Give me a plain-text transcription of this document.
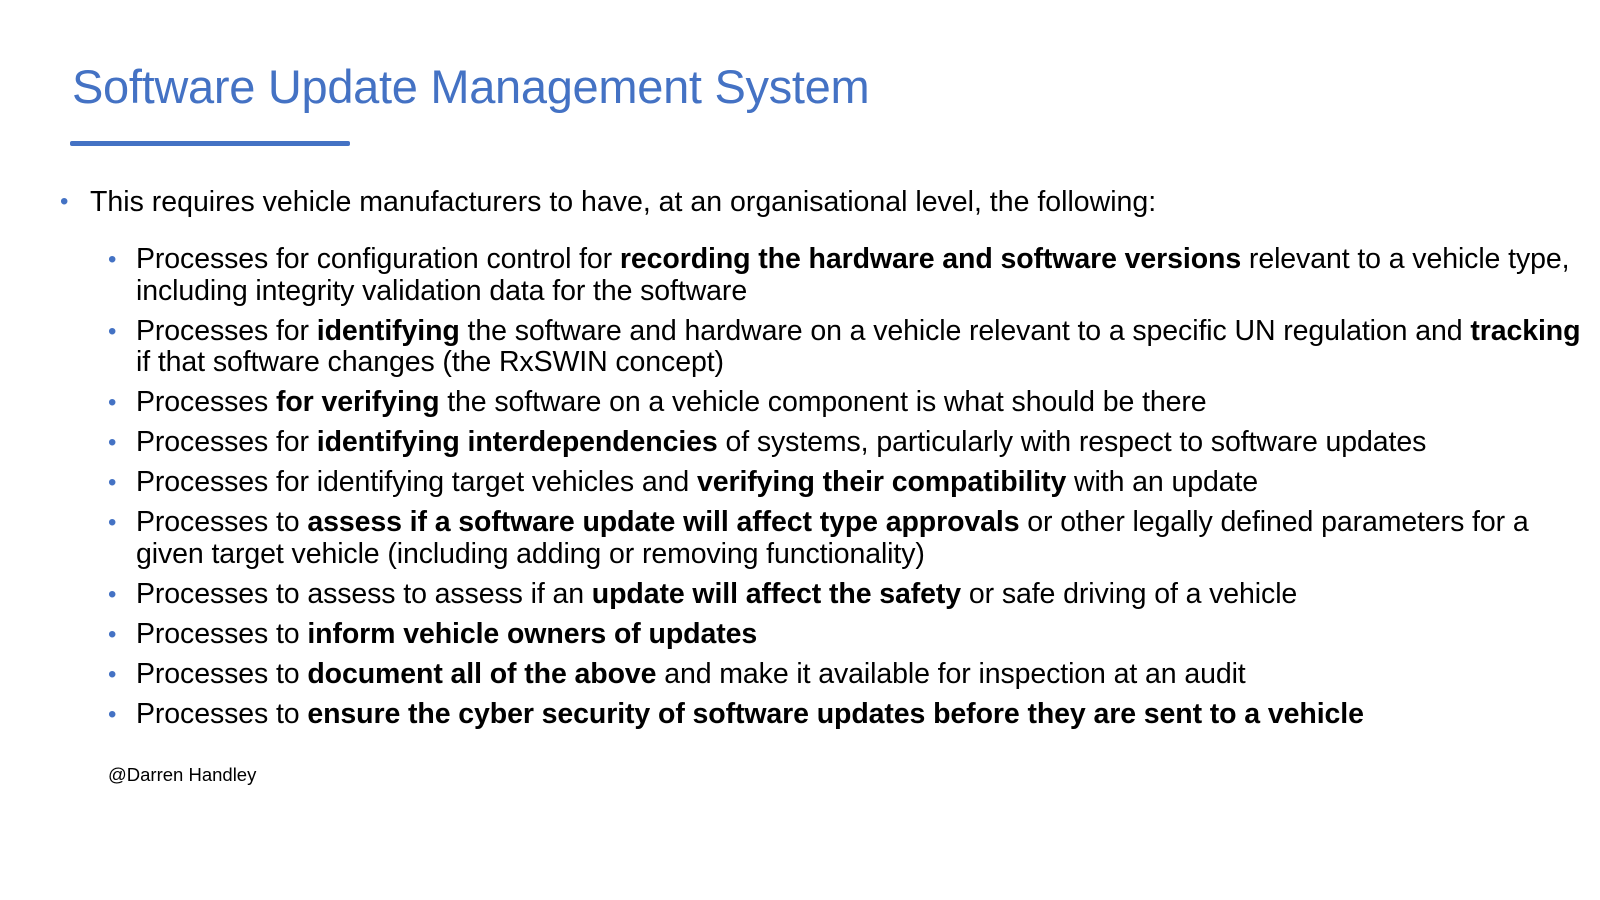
Software Update Management System
• This requires vehicle manufacturers to have, at an organisational level, the following:
• Processes for configuration control for recording the hardware and software versions relevant to a vehicle type, including integrity validation data for the software
• Processes for identifying the software and hardware on a vehicle relevant to a specific UN regulation and tracking if that software changes (the RxSWIN concept)
• Processes for verifying the software on a vehicle component is what should be there
• Processes for identifying interdependencies of systems, particularly with respect to software updates
• Processes for identifying target vehicles and verifying their compatibility with an update
• Processes to assess if a software update will affect type approvals or other legally defined parameters for a given target vehicle (including adding or removing functionality)
• Processes to assess to assess if an update will affect the safety or safe driving of a vehicle
• Processes to inform vehicle owners of updates
• Processes to document all of the above and make it available for inspection at an audit
• Processes to ensure the cyber security of software updates before they are sent to a vehicle
@Darren Handley
